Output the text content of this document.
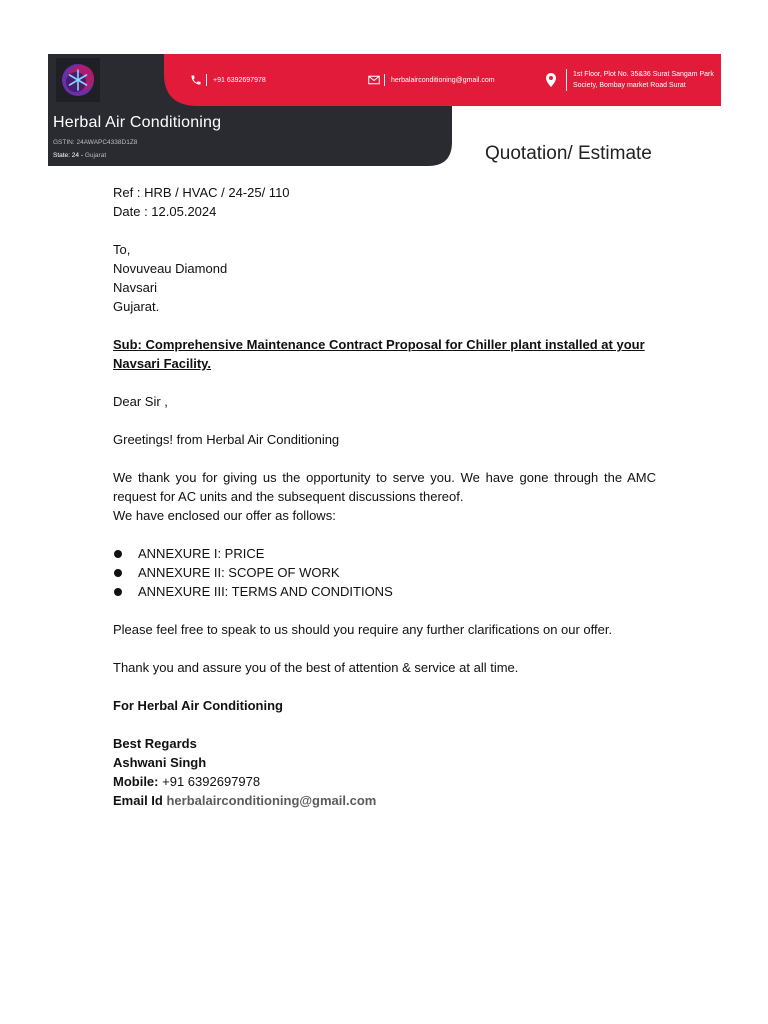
Herbal Air Conditioning
GSTIN: 24AWAPC4338D1Z8
State: 24 - Gujarat
+91 6392697978	herbalairconditioning@gmail.com
1st Floor, Plot No. 35&36 Surat Sangam Park Society, Bombay market Road Surat
Quotation/ Estimate

Ref : HRB / HVAC / 24-25/ 110

Date : 12.05.2024

To,

Novuveau Diamond

Navsari

Gujarat.

Sub: Comprehensive Maintenance Contract Proposal for Chiller plant installed at your Navsari Facility.

Dear Sir ,

Greetings! from Herbal Air Conditioning

We thank you for giving us the opportunity to serve you. We have gone through the AMC request for AC units and the subsequent discussions thereof.

We have enclosed our offer as follows:

ANNEXURE I: PRICE
ANNEXURE II: SCOPE OF WORK
ANNEXURE III: TERMS AND CONDITIONS

Please feel free to speak to us should you require any further clarifications on our offer.

Thank you and assure you of the best of attention & service at all time.

For Herbal Air Conditioning

Best Regards

Ashwani Singh

Mobile: +91 6392697978

Email Id herbalairconditioning@gmail.com
